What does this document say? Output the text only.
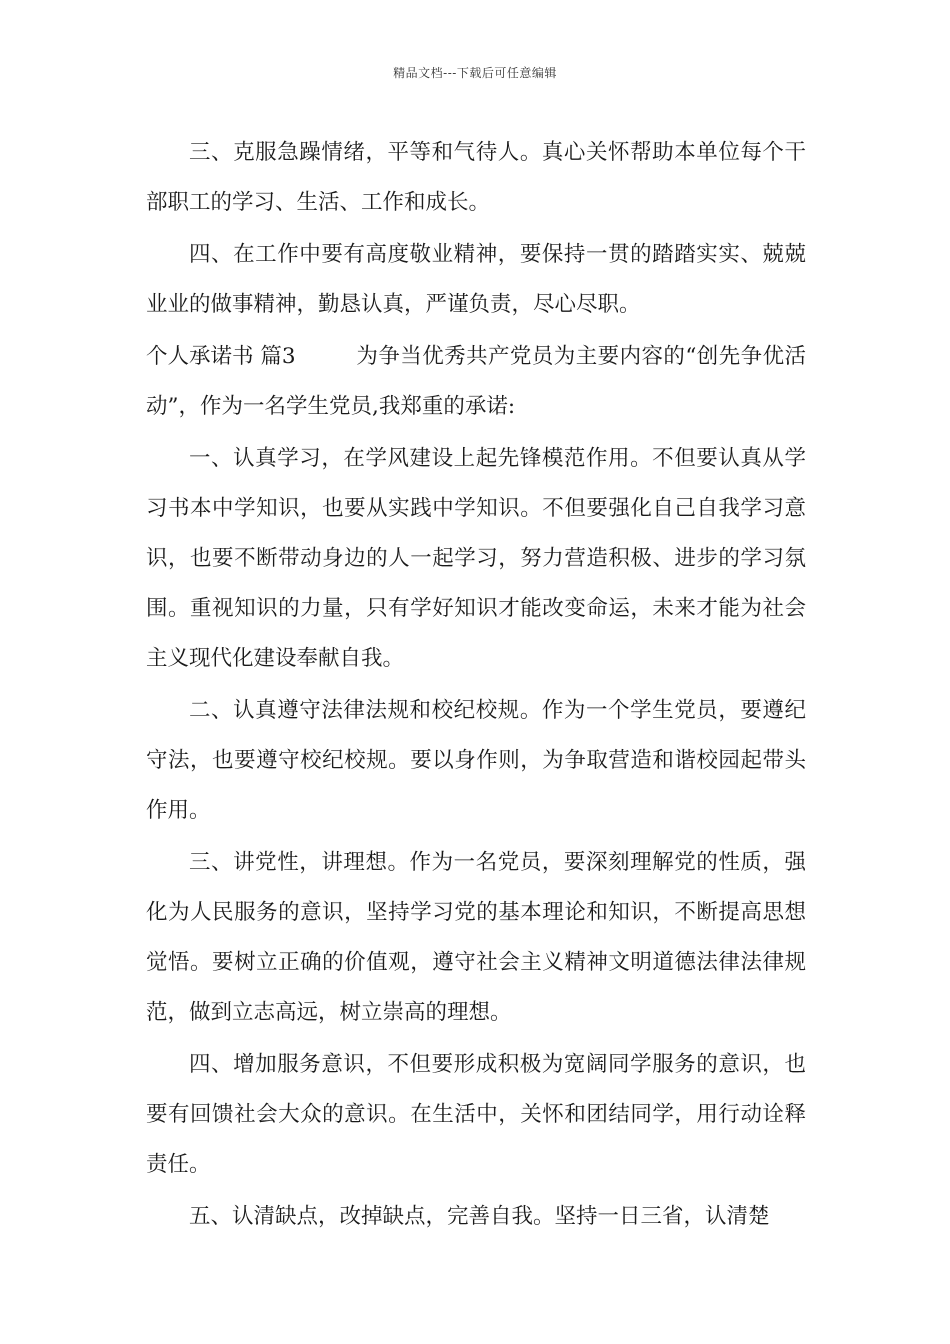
精品文档---下载后可任意编辑

三、克服急躁情绪，平等和气待人。真心关怀帮助本单位每个干部职工的学习、生活、工作和成长。

四、在工作中要有高度敬业精神，要保持一贯的踏踏实实、兢兢业业的做事精神，勤恳认真，严谨负责，尽心尽职。

个人承诺书 篇3	为争当优秀共产党员为主要内容的“创先争优活动”，作为一名学生党员,我郑重的承诺:

一、认真学习，在学风建设上起先锋模范作用。不但要认真从学习书本中学知识，也要从实践中学知识。不但要强化自己自我学习意识，也要不断带动身边的人一起学习，努力营造积极、进步的学习氛围。重视知识的力量，只有学好知识才能改变命运，未来才能为社会主义现代化建设奉献自我。

二、认真遵守法律法规和校纪校规。作为一个学生党员，要遵纪守法，也要遵守校纪校规。要以身作则，为争取营造和谐校园起带头作用。

三、讲党性，讲理想。作为一名党员，要深刻理解党的性质，强化为人民服务的意识，坚持学习党的基本理论和知识，不断提高思想觉悟。要树立正确的价值观，遵守社会主义精神文明道德法律法律规范，做到立志高远，树立崇高的理想。

四、增加服务意识，不但要形成积极为宽阔同学服务的意识，也要有回馈社会大众的意识。在生活中，关怀和团结同学，用行动诠释责任。

五、认清缺点，改掉缺点，完善自我。坚持一日三省，认清楚
